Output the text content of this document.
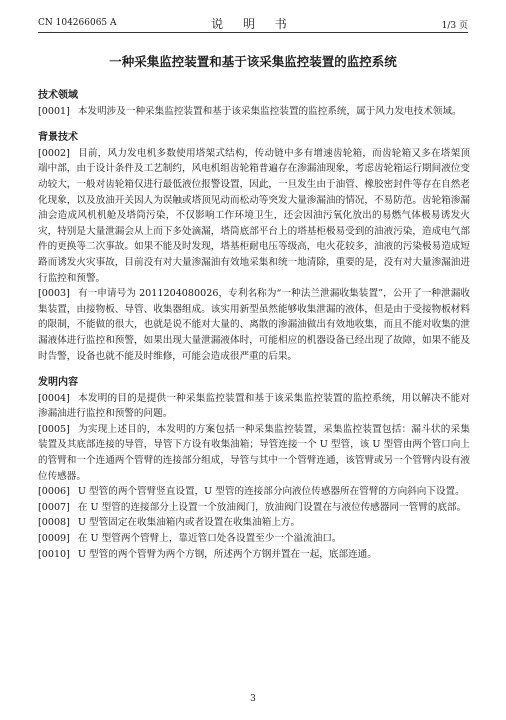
CN 104266065 A	说 明 书	1/3 页
一种采集监控装置和基于该采集监控装置的监控系统

技术领域

[0001] 本发明涉及一种采集监控装置和基于该采集监控装置的监控系统，属于风力发电技术领域。

背景技术

[0002] 目前，风力发电机多数使用塔架式结构，传动链中多有增速齿轮箱，而齿轮箱又多在塔架顶端中部，由于设计条件及工艺制约，风电机组齿轮箱普遍存在渗漏油现象，考虑齿轮箱运行期间液位变动较大，一般对齿轮箱仅进行最低液位报警设置，因此，一旦发生由于油管、橡胶密封件等存在自然老化现象，以及放油开关因人为误触或塔顶见动而松动等突发大量渗漏油的情况，不易防范。齿轮箱渗漏油会造成风机机舱及塔筒污染，不仅影响工作环境卫生，还会因油污氧化放出的易燃气体极易诱发火灾，特别是大量泄漏会从上而下多处滴漏，塔筒底部平台上的塔基柜极易受到的油液污染，造成电气部件的更换等二次事故。如果不能及时发现，塔基柜耐电压等级高，电火花较多，油液的污染极易造成短路而诱发火灾事故，目前没有对大量渗漏油有效地采集和统一地清除，重要的是，没有对大量渗漏油进行监控和预警。

[0003] 有一申请号为 2011204080026，专利名称为“一种法兰泄漏收集装置”，公开了一种泄漏收集装置，由接物板、导管、收集器组成。该实用新型虽然能够收集泄漏的液体，但是由于受接物板材料的限制，不能做的很大，也就是说不能对大量的、离散的渗漏油做出有效地收集，而且不能对收集的泄漏液体进行监控和预警，如果出现大量泄漏液体时，可能相应的机器设备已经出现了故障，如果不能及时告警，设备也就不能及时维修，可能会造成很严重的后果。

发明内容

[0004] 本发明的目的是提供一种采集监控装置和基于该采集监控装置的监控系统，用以解决不能对渗漏油进行监控和预警的问题。

[0005] 为实现上述目的，本发明的方案包括一种采集监控装置，采集监控装置包括：漏斗状的采集装置及其底部连接的导管，导管下方设有收集油箱；导管连接一个 U 型管，该 U 型管由两个管口向上的管臂和一个连通两个管臂的连接部分组成，导管与其中一个管臂连通，该管臂或另一个管臂内设有液位传感器。

[0006] U 型管的两个管臂竖直设置，U 型管的连接部分向液位传感器所在管臂的方向斜向下设置。

[0007] 在 U 型管的连接部分上设置一个放油阀门，放油阀门设置在与液位传感器同一管臂的底部。

[0008] U 型管固定在收集油箱内或者设置在收集油箱上方。

[0009] 在 U 型管两个管臂上，靠近管口处各设置至少一个溢流油口。

[0010] U 型管的两个管臂为两个方钢，所述两个方钢并置在一起，底部连通。

3
